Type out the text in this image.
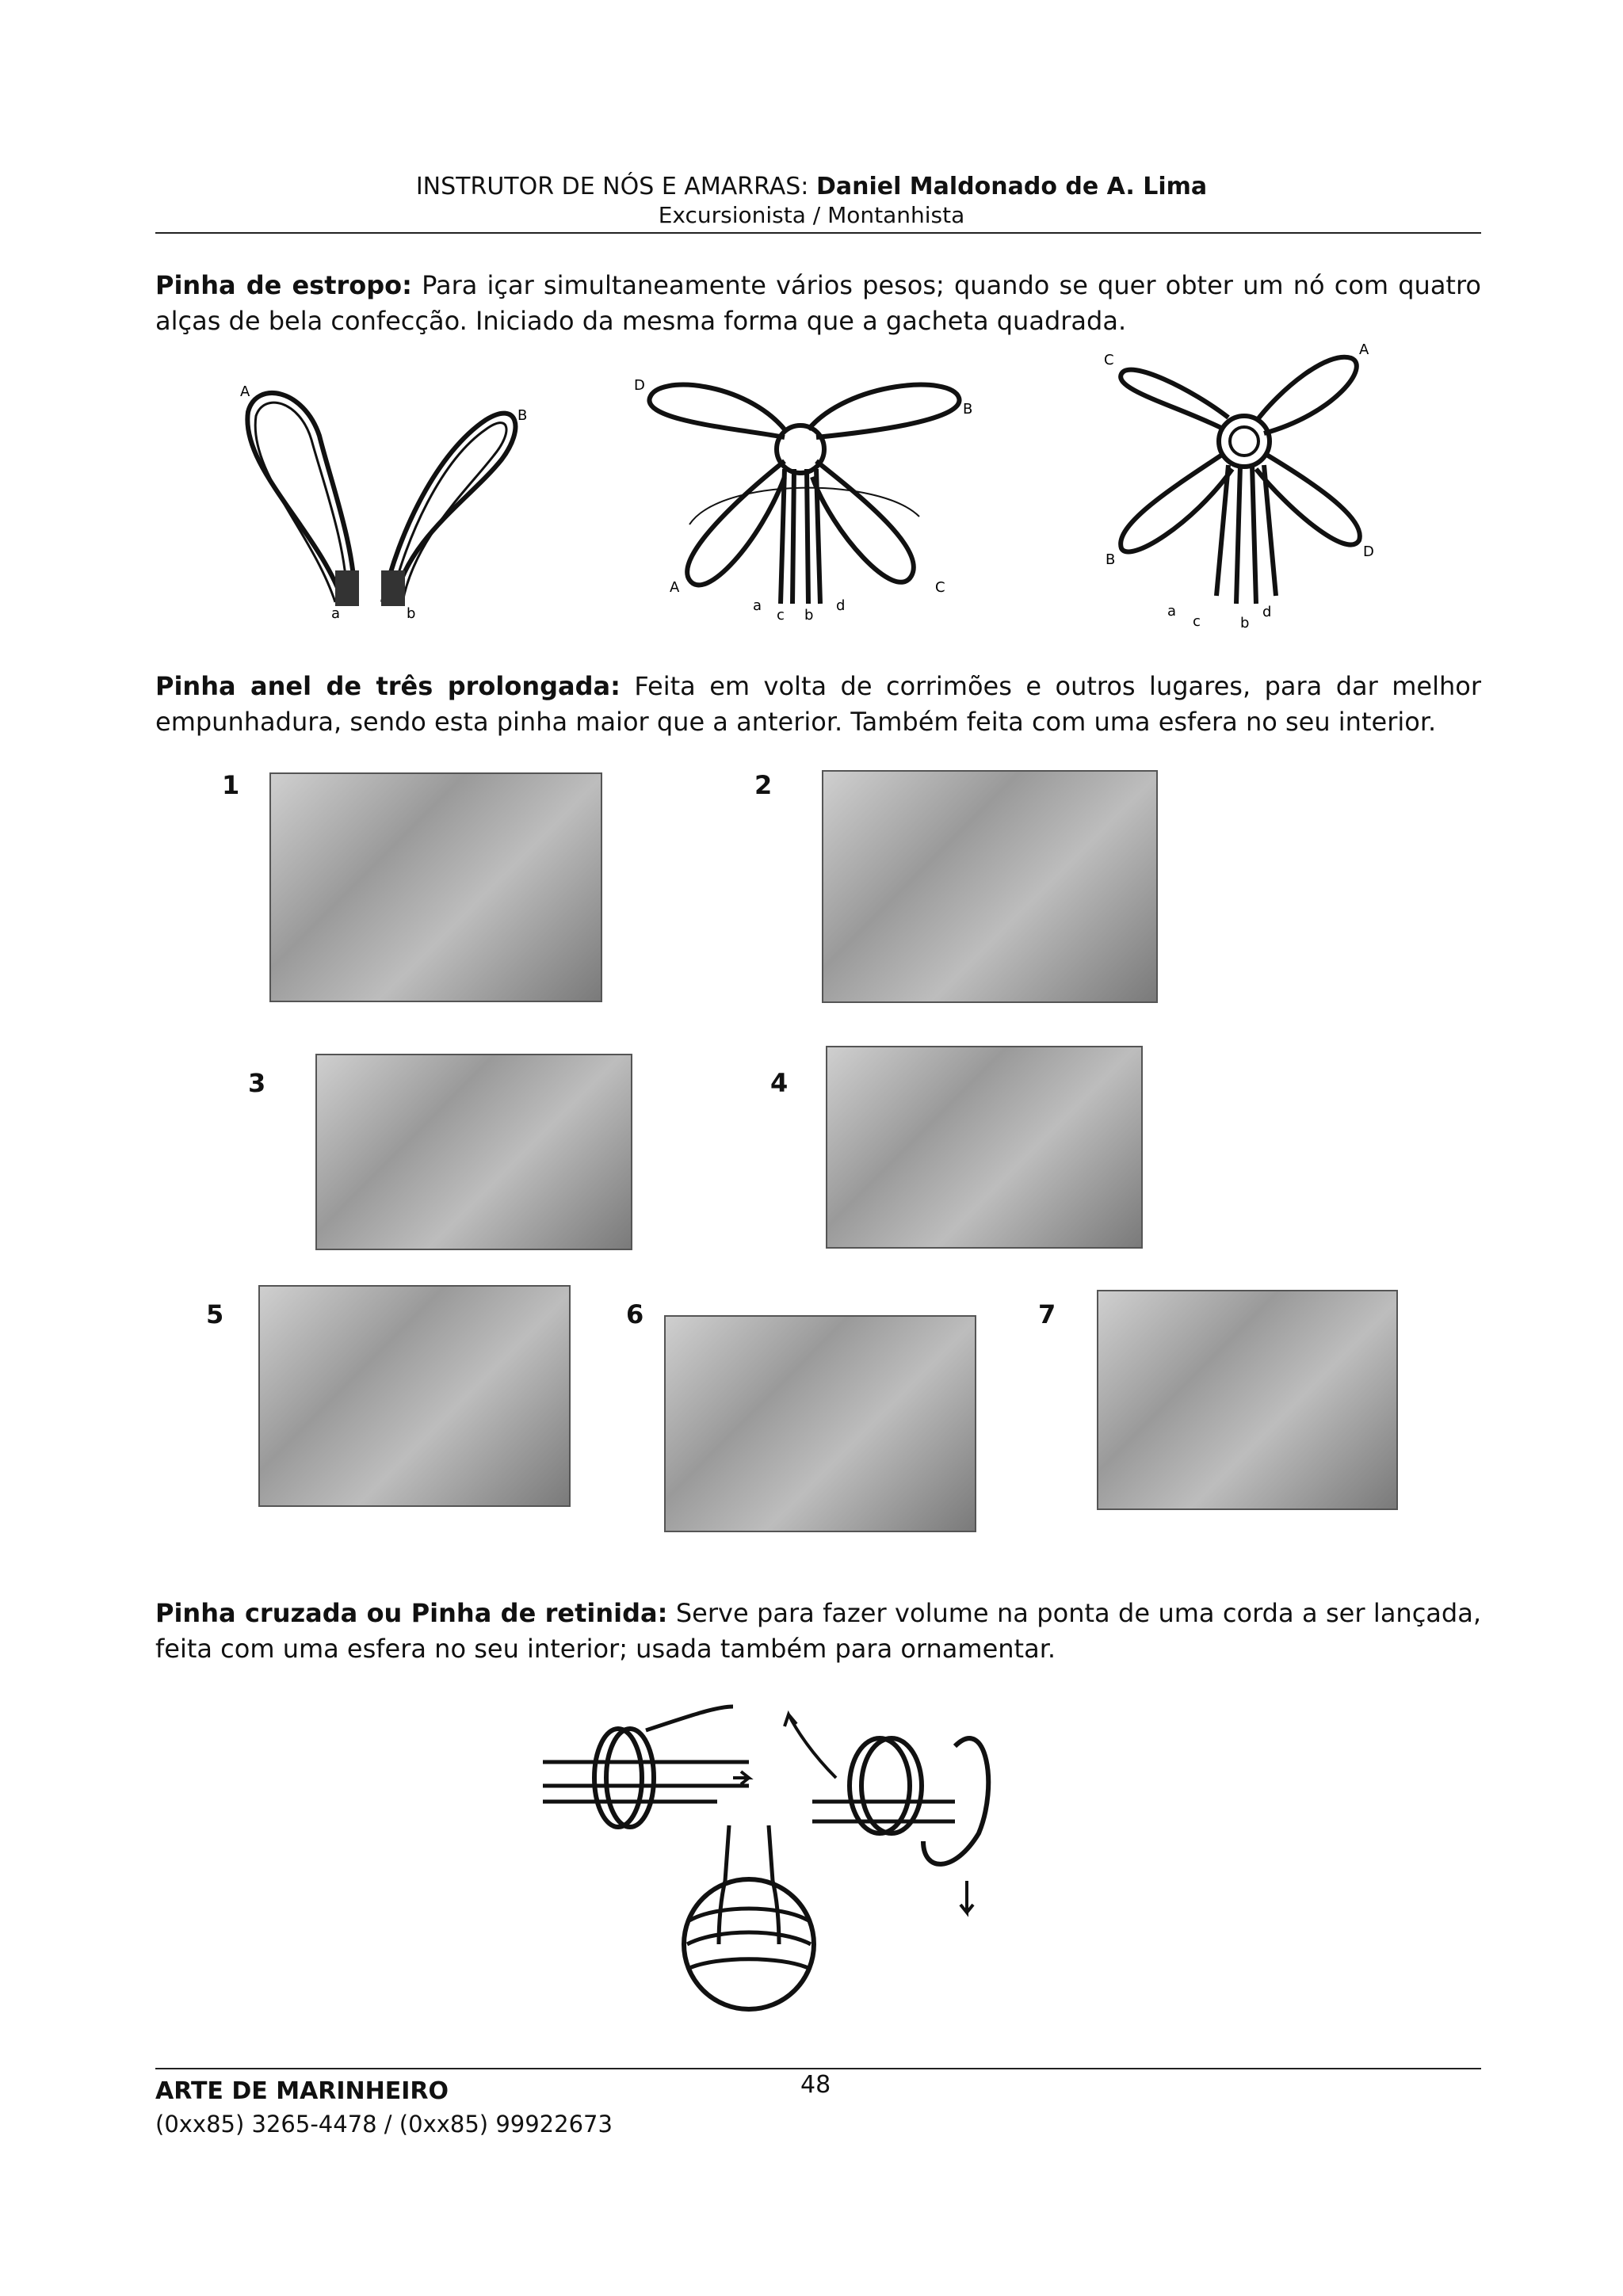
INSTRUTOR DE NÓS E AMARRAS: Daniel Maldonado de A. Lima
Excursionista / Montanhista
Pinha de estropo: Para içar simultaneamente vários pesos; quando se quer obter um nó com quatro alças de bela confecção. Iniciado da mesma forma que a gacheta quadrada.
A
B
a	b
D
B
A	C
a
c b
d
C
A
B	D
a
c	b
d
Pinha anel de três prolongada: Feita em volta de corrimões e outros lugares, para dar melhor empunhadura, sendo esta pinha maior que a anterior. Também feita com uma esfera no seu interior.
1	2
3	4
5	6	7
Pinha cruzada ou Pinha de retinida: Serve para fazer volume na ponta de uma corda a ser lançada, feita com uma esfera no seu interior; usada também para ornamentar.
ARTE DE MARINHEIRO	48
(0xx85) 3265-4478 / (0xx85) 99922673
